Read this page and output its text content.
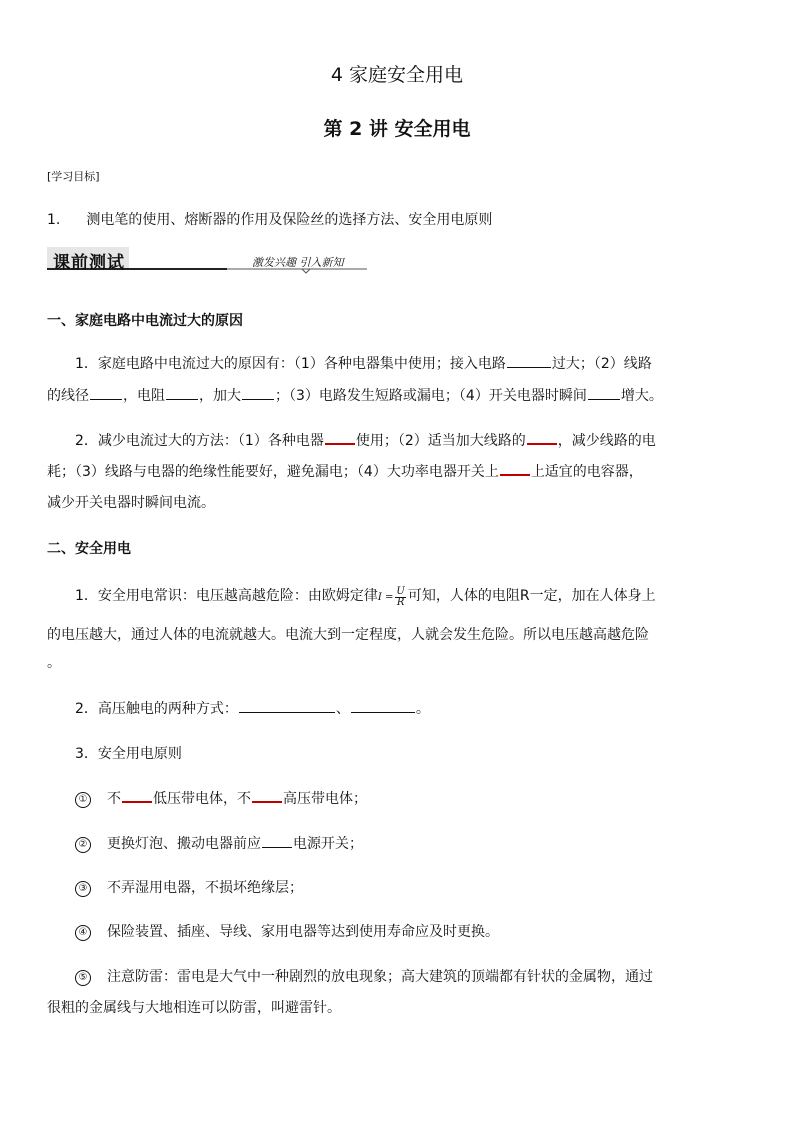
4 家庭安全用电
第 2 讲 安全用电
[学习目标]
1. 测电笔的使用、熔断器的作用及保险丝的选择方法、安全用电原则
课前测试	激发兴趣 引入新知
一、家庭电路中电流过大的原因
1．家庭电路中电流过大的原因有：（1）各种电器集中使用；接入电路	过大；（2）线路
的线径 ，电阻 ，加大 ；（3）电路发生短路或漏电；（4）开关电器时瞬间 增大。
2．减少电流过大的方法：（1）各种电器 使用；（2）适当加大线路的 ，减少线路的电
耗；（3）线路与电器的绝缘性能要好，避免漏电；（4）大功率电器开关上 上适宜的电容器，
减少开关电器时瞬间电流。
二、安全用电
1．安全用电常识：电压越高越危险：由欧姆定律$I = \frac{U}{R}$ 可知，人体的电阻R一定，加在人体身上
的电压越大，通过人体的电流就越大。电流大到一定程度，人就会发生危险。所以电压越高越危险
。
2．高压触电的两种方式：	、	。
3．安全用电原则
① 不 低压带电体，不 高压带电体；
② 更换灯泡、搬动电器前应 电源开关；
③ 不弄湿用电器，不损坏绝缘层；
④ 保险装置、插座、导线、家用电器等达到使用寿命应及时更换。
⑤ 注意防雷：雷电是大气中一种剧烈的放电现象；高大建筑的顶端都有针状的金属物，通过
很粗的金属线与大地相连可以防雷，叫避雷针。
